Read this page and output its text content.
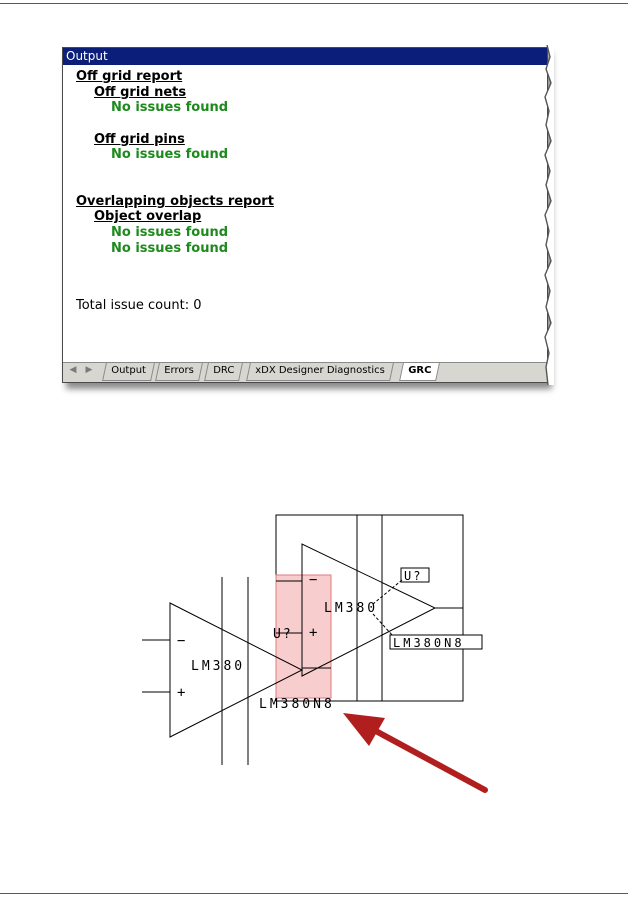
Output
Off grid report
Off grid nets
No issues found
Off grid pins
No issues found
Overlapping objects report
Object overlap
No issues found
No issues found
Total issue count: 0
◀	▶	Output	Errors	DRC	xDX Designer Diagnostics	GRC
−
+
LM380
−
+
LM380
U?
U?
LM380N8
LM380N8
